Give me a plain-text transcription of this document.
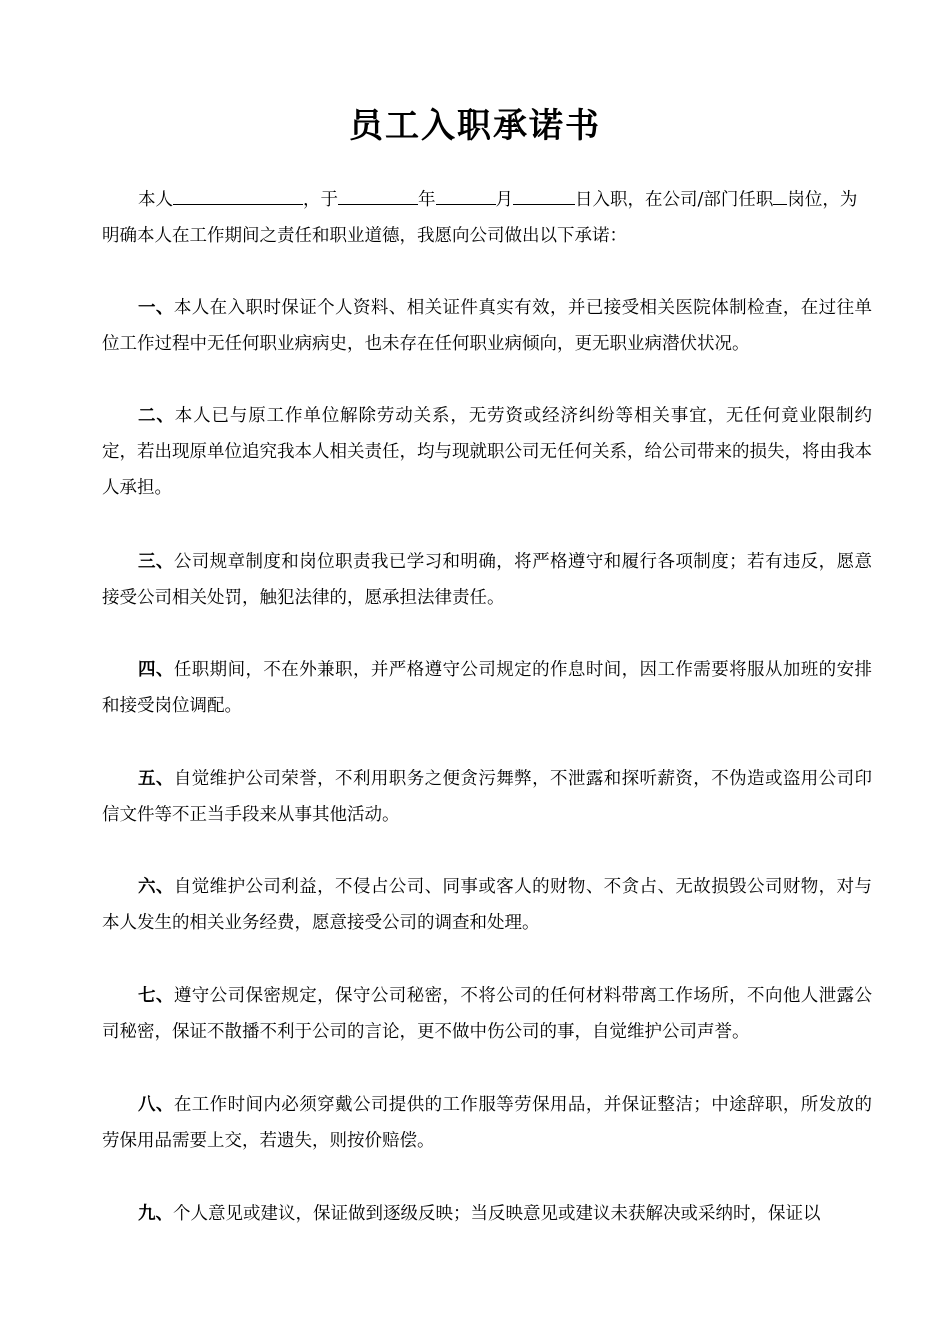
员工入职承诺书

本人	，于	年	月	日入职，在公司/部门任职 岗位，为明确本人在工作期间之责任和职业道德，我愿向公司做出以下承诺：

一、本人在入职时保证个人资料、相关证件真实有效，并已接受相关医院体制检查，在过往单位工作过程中无任何职业病病史，也未存在任何职业病倾向，更无职业病潜伏状况。

二、本人已与原工作单位解除劳动关系，无劳资或经济纠纷等相关事宜，无任何竟业限制约定，若出现原单位追究我本人相关责任，均与现就职公司无任何关系，给公司带来的损失，将由我本人承担。

三、公司规章制度和岗位职责我已学习和明确，将严格遵守和履行各项制度；若有违反，愿意接受公司相关处罚，触犯法律的，愿承担法律责任。

四、任职期间，不在外兼职，并严格遵守公司规定的作息时间，因工作需要将服从加班的安排和接受岗位调配。

五、自觉维护公司荣誉，不利用职务之便贪污舞弊，不泄露和探听薪资，不伪造或盗用公司印信文件等不正当手段来从事其他活动。

六、自觉维护公司利益，不侵占公司、同事或客人的财物、不贪占、无故损毁公司财物，对与本人发生的相关业务经费，愿意接受公司的调查和处理。

七、遵守公司保密规定，保守公司秘密，不将公司的任何材料带离工作场所，不向他人泄露公司秘密，保证不散播不利于公司的言论，更不做中伤公司的事，自觉维护公司声誉。

八、在工作时间内必须穿戴公司提供的工作服等劳保用品，并保证整洁；中途辞职，所发放的劳保用品需要上交，若遗失，则按价赔偿。

九、个人意见或建议，保证做到逐级反映；当反映意见或建议未获解决或采纳时，保证以
